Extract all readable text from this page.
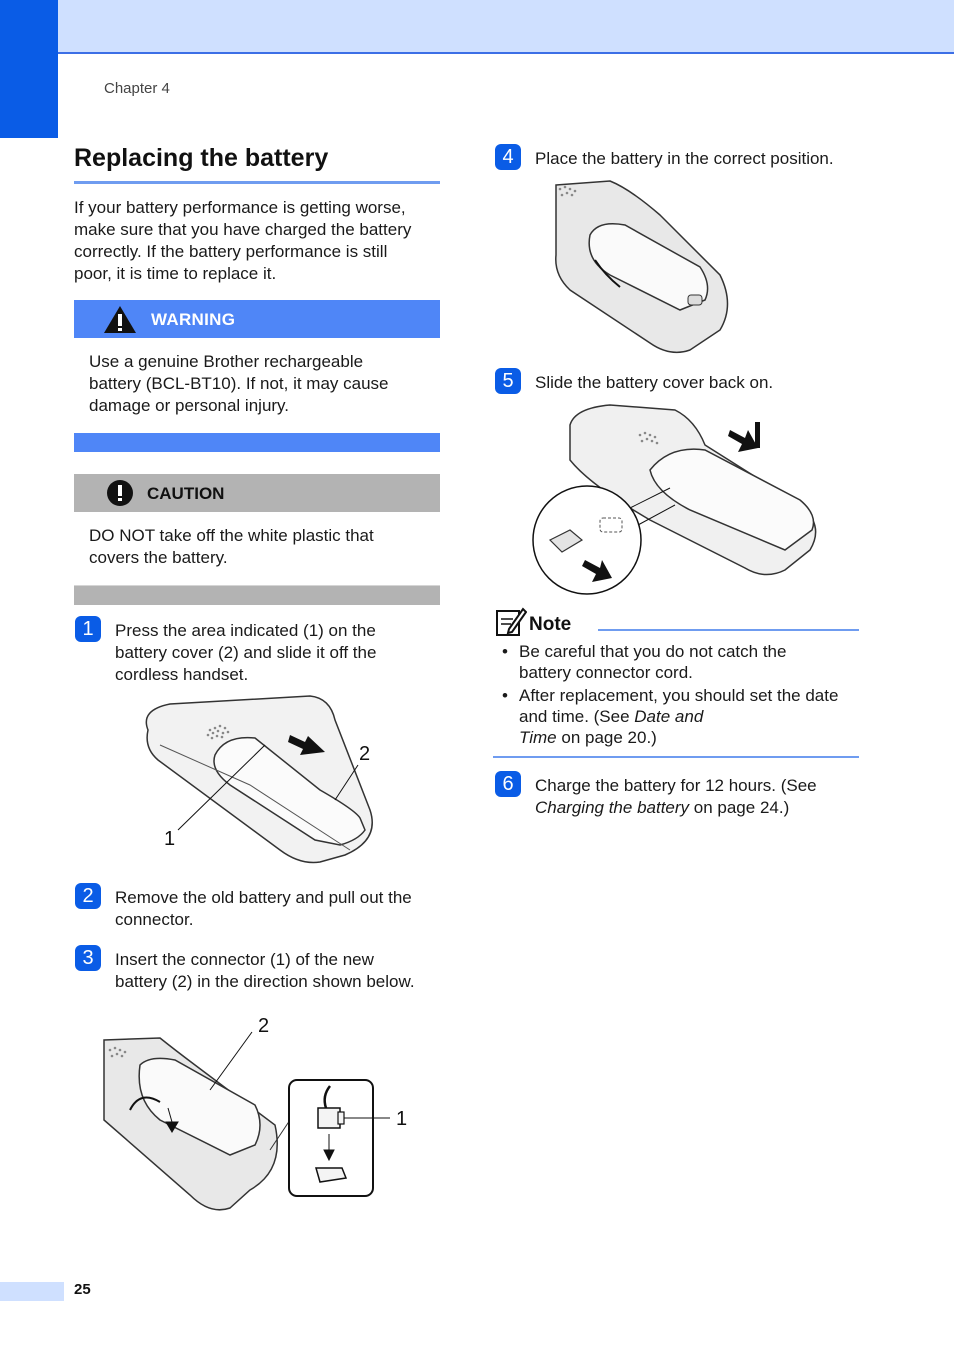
Chapter 4
Replacing the battery
If your battery performance is getting worse,
make sure that you have charged the battery
correctly. If the battery performance is still
poor, it is time to replace it.
WARNING
Use a genuine Brother rechargeable
battery (BCL-BT10). If not, it may cause
damage or personal injury.
CAUTION
DO NOT take off the white plastic that
covers the battery.
1	Press the area indicated (1) on the
battery cover (2) and slide it off the
cordless handset.
1
2
2	Remove the old battery and pull out the
connector.
3	Insert the connector (1) of the new
battery (2) in the direction shown below.
2
1
4	Place the battery in the correct position.
5	Slide the battery cover back on.
Note
• Be careful that you do not catch the
battery connector cord.
• After replacement, you should set the date
and time. (See Date and
Time on page 20.)
6	Charge the battery for 12 hours. (See
Charging the battery on page 24.)
25
